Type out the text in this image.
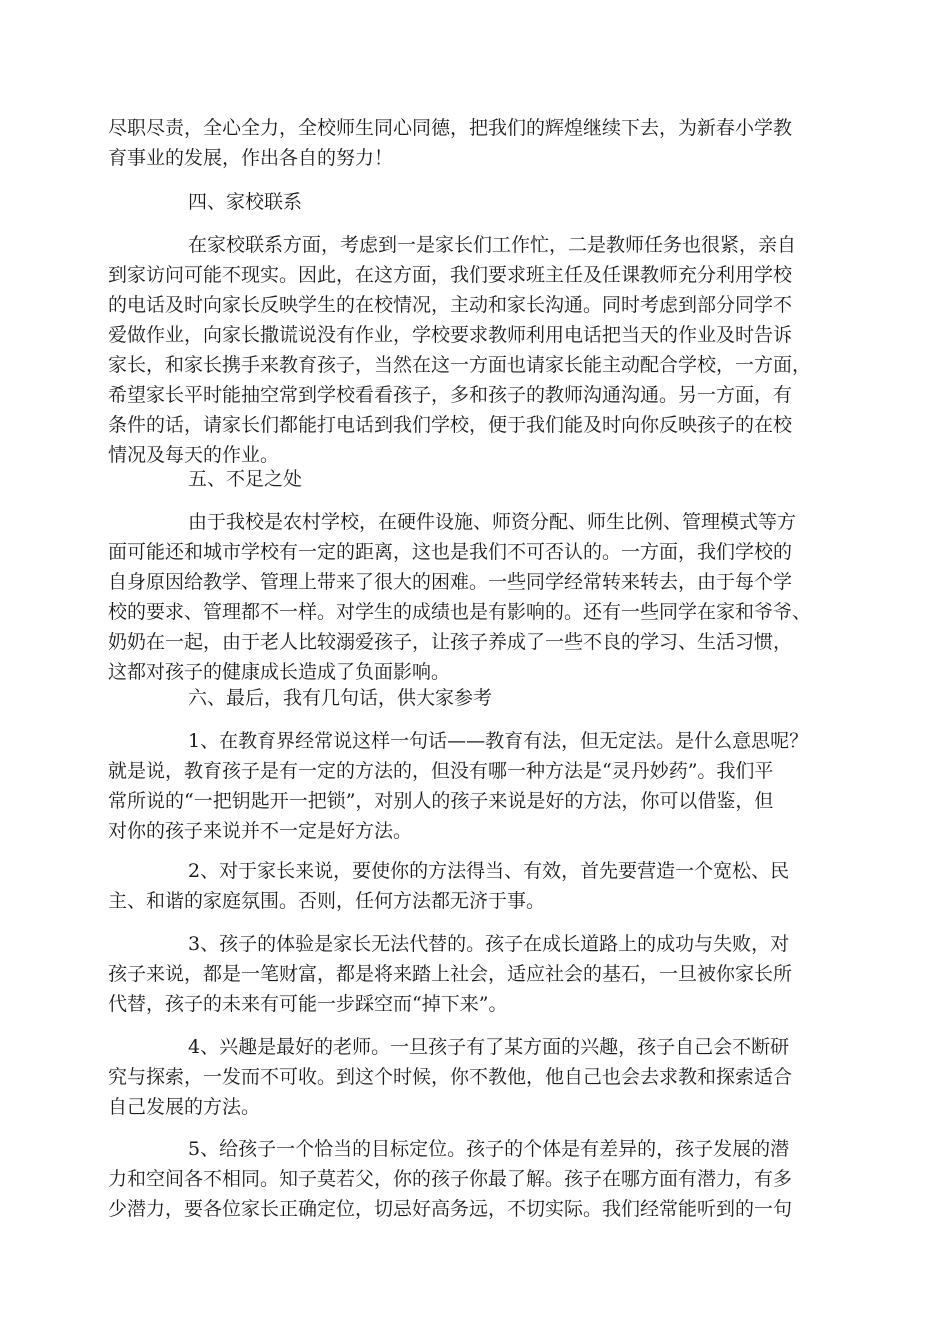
尽职尽责，全心全力，全校师生同心同德，把我们的辉煌继续下去，为新春小学教
育事业的发展，作出各自的努力！
四、家校联系
在家校联系方面，考虑到一是家长们工作忙，二是教师任务也很紧，亲自
到家访问可能不现实。因此，在这方面，我们要求班主任及任课教师充分利用学校
的电话及时向家长反映学生的在校情况，主动和家长沟通。同时考虑到部分同学不
爱做作业，向家长撒谎说没有作业，学校要求教师利用电话把当天的作业及时告诉
家长，和家长携手来教育孩子，当然在这一方面也请家长能主动配合学校，一方面，
希望家长平时能抽空常到学校看看孩子，多和孩子的教师沟通沟通。另一方面，有
条件的话，请家长们都能打电话到我们学校，便于我们能及时向你反映孩子的在校
情况及每天的作业。
五、不足之处
由于我校是农村学校，在硬件设施、师资分配、师生比例、管理模式等方
面可能还和城市学校有一定的距离，这也是我们不可否认的。一方面，我们学校的
自身原因给教学、管理上带来了很大的困难。一些同学经常转来转去，由于每个学
校的要求、管理都不一样。对学生的成绩也是有影响的。还有一些同学在家和爷爷、
奶奶在一起，由于老人比较溺爱孩子，让孩子养成了一些不良的学习、生活习惯，
这都对孩子的健康成长造成了负面影响。
六、最后，我有几句话，供大家参考
1、在教育界经常说这样一句话——教育有法，但无定法。是什么意思呢？
就是说，教育孩子是有一定的方法的，但没有哪一种方法是“灵丹妙药”。我们平
常所说的“一把钥匙开一把锁”，对别人的孩子来说是好的方法，你可以借鉴，但
对你的孩子来说并不一定是好方法。
2、对于家长来说，要使你的方法得当、有效，首先要营造一个宽松、民
主、和谐的家庭氛围。否则，任何方法都无济于事。
3、孩子的体验是家长无法代替的。孩子在成长道路上的成功与失败，对
孩子来说，都是一笔财富，都是将来踏上社会，适应社会的基石，一旦被你家长所
代替，孩子的未来有可能一步踩空而“掉下来”。
4、兴趣是最好的老师。一旦孩子有了某方面的兴趣，孩子自己会不断研
究与探索，一发而不可收。到这个时候，你不教他，他自己也会去求教和探索适合
自己发展的方法。
5、给孩子一个恰当的目标定位。孩子的个体是有差异的，孩子发展的潜
力和空间各不相同。知子莫若父，你的孩子你最了解。孩子在哪方面有潜力，有多
少潜力，要各位家长正确定位，切忌好高务远，不切实际。我们经常能听到的一句
